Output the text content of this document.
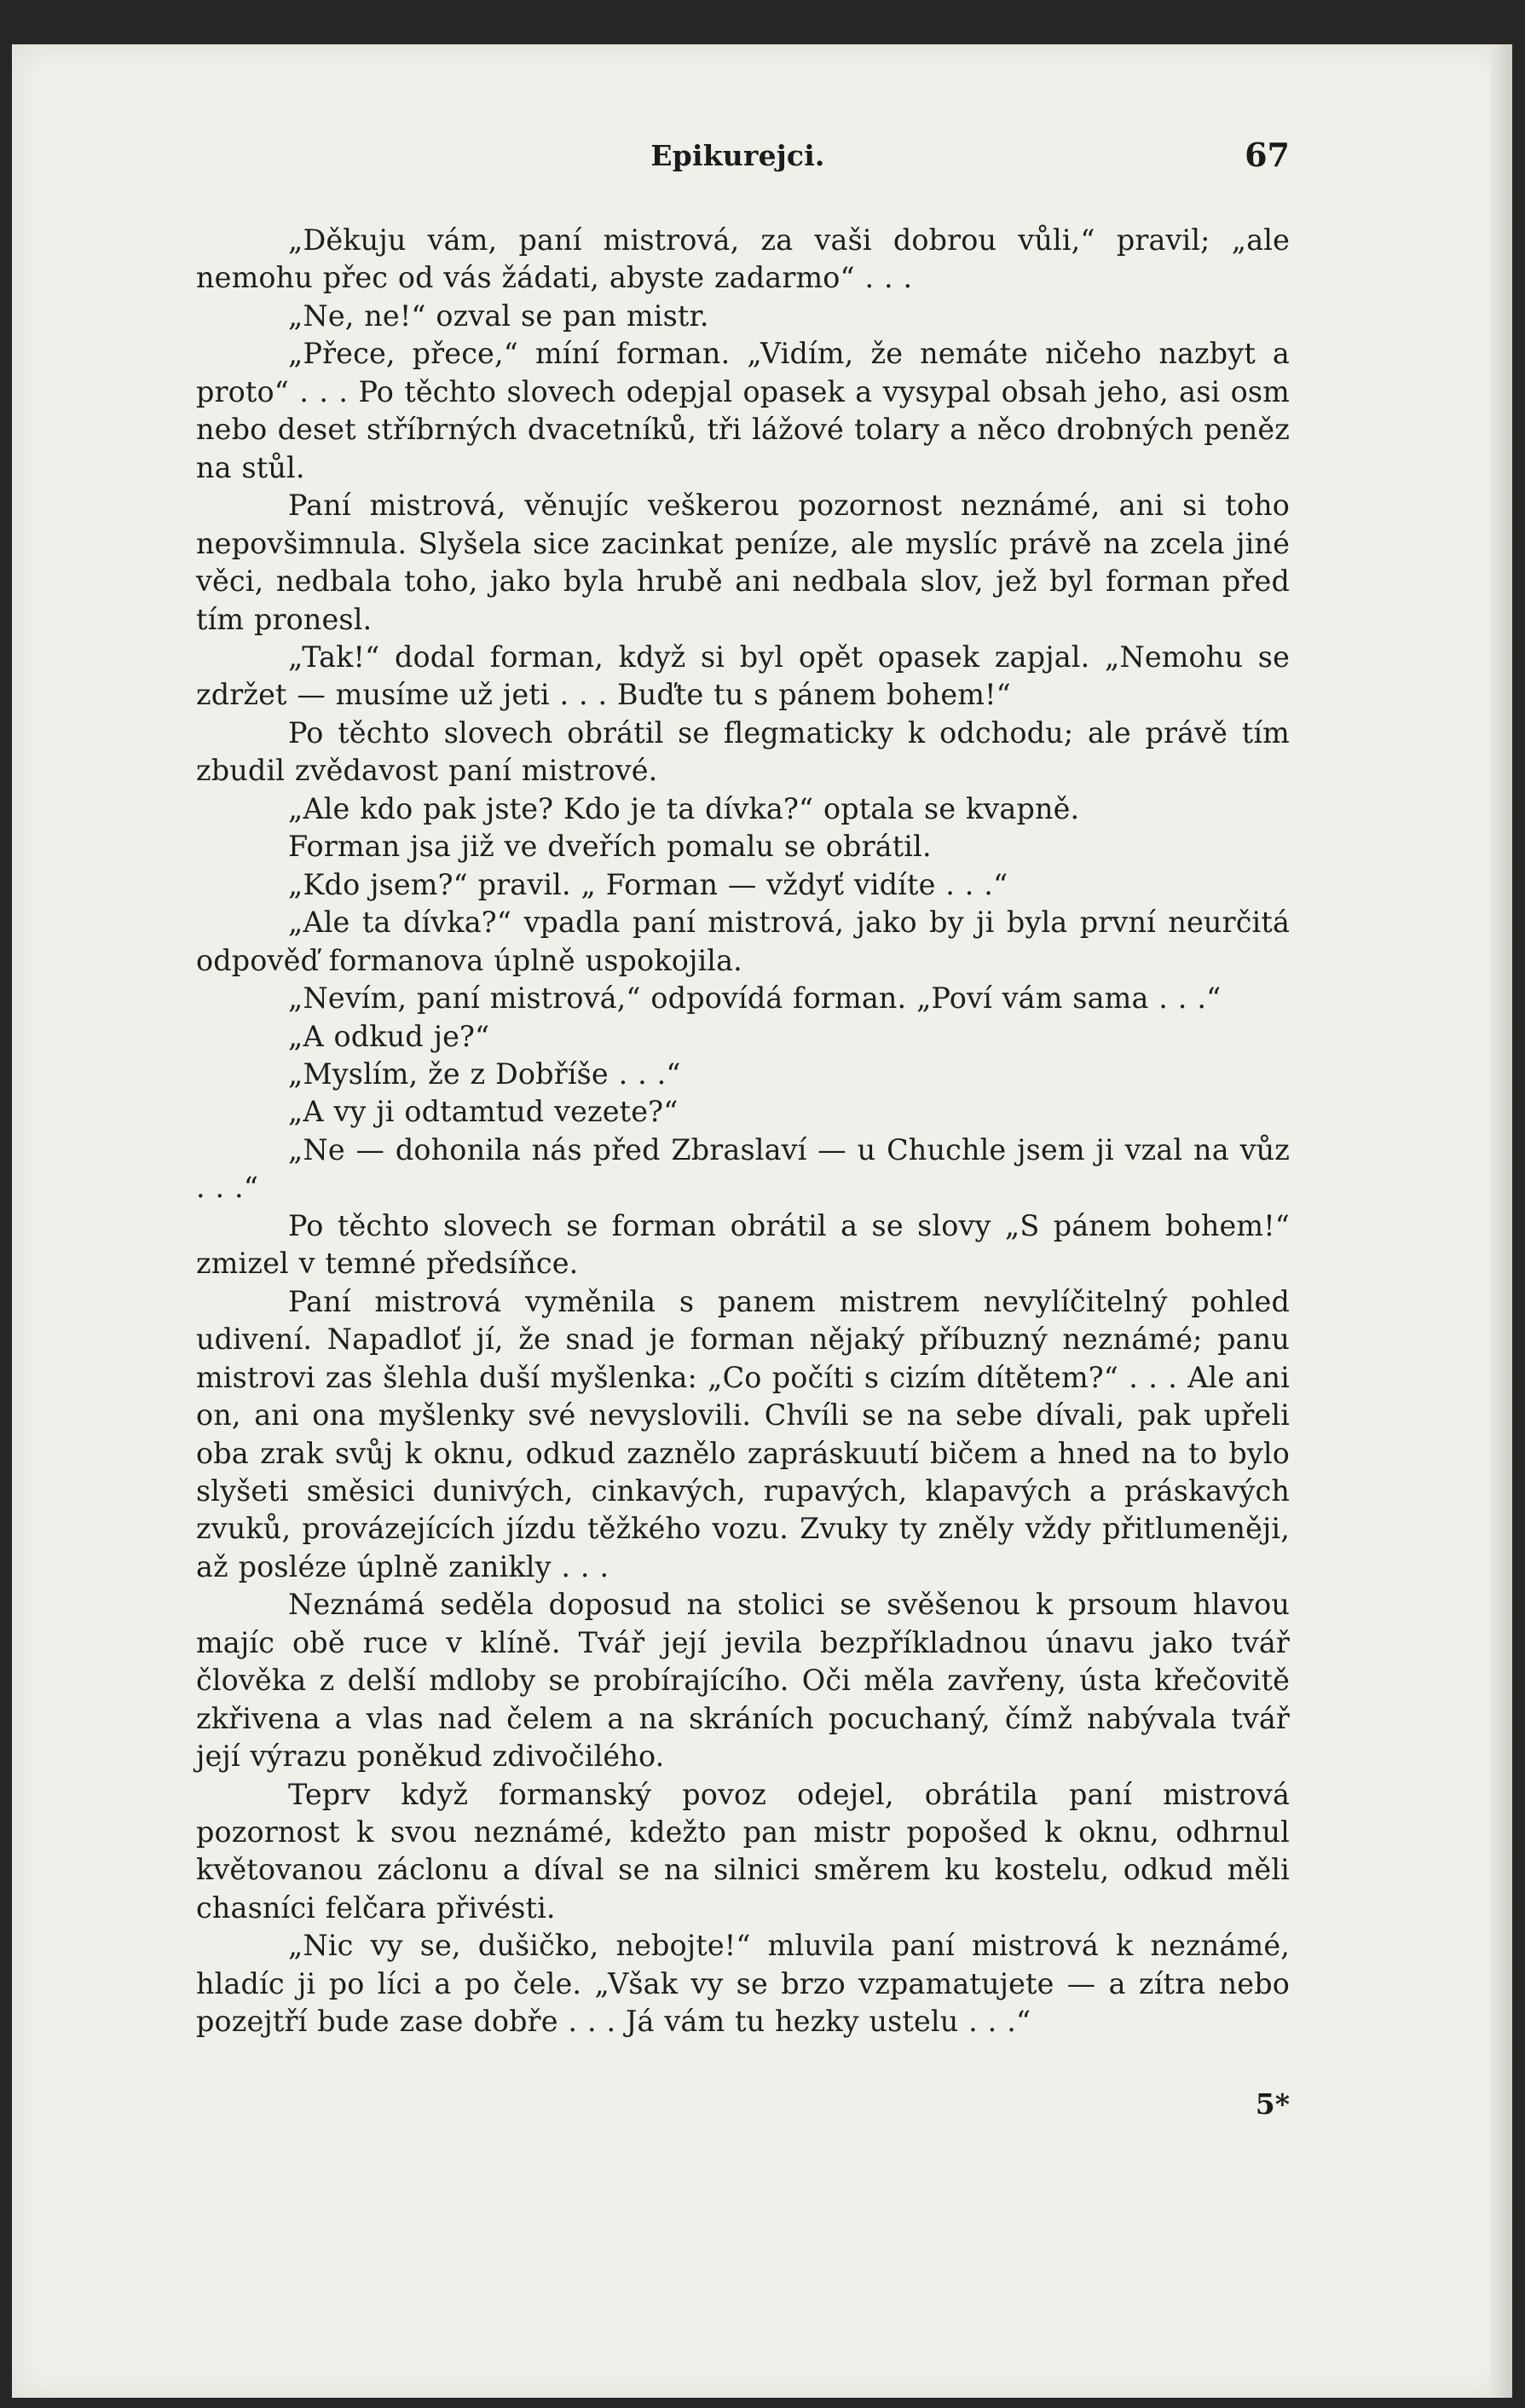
Epikurejci.	67

„Děkuju vám, paní mistrová, za vaši dobrou vůli,“ pravil; „ale nemohu přec od vás žádati, abyste zadarmo“ . . .

„Ne, ne!“ ozval se pan mistr.

„Přece, přece,“ míní forman. „Vidím, že nemáte ničeho nazbyt a proto“ . . . Po těchto slovech odepjal opasek a vysypal obsah jeho, asi osm nebo deset stříbrných dvacetníků, tři lážové tolary a něco drobných peněz na stůl.

Paní mistrová, věnujíc veškerou pozornost neznámé, ani si toho nepovšimnula. Slyšela sice zacinkat peníze, ale myslíc právě na zcela jiné věci, nedbala toho, jako byla hrubě ani nedbala slov, jež byl forman před tím pronesl.

„Tak!“ dodal forman, když si byl opět opasek zapjal. „Nemohu se zdržet — musíme už jeti . . . Buďte tu s pánem bohem!“

Po těchto slovech obrátil se flegmaticky k odchodu; ale právě tím zbudil zvědavost paní mistrové.

„Ale kdo pak jste? Kdo je ta dívka?“ optala se kvapně.

Forman jsa již ve dveřích pomalu se obrátil.

„Kdo jsem?“ pravil. „ Forman — vždyť vidíte . . .“

„Ale ta dívka?“ vpadla paní mistrová, jako by ji byla první neurčitá odpověď formanova úplně uspokojila.

„Nevím, paní mistrová,“ odpovídá forman. „Poví vám sama . . .“

„A odkud je?“

„Myslím, že z Dobříše . . .“

„A vy ji odtamtud vezete?“

„Ne — dohonila nás před Zbraslaví — u Chuchle jsem ji vzal na vůz . . .“

Po těchto slovech se forman obrátil a se slovy „S pánem bohem!“ zmizel v temné předsíňce.

Paní mistrová vyměnila s panem mistrem nevylíčitelný pohled udivení. Napadloť jí, že snad je forman nějaký příbuzný neznámé; panu mistrovi zas šlehla duší myšlenka: „Co počíti s cizím dítětem?“ . . . Ale ani on, ani ona myšlenky své nevyslovili. Chvíli se na sebe dívali, pak upřeli oba zrak svůj k oknu, odkud zaznělo zapráskuutí bičem a hned na to bylo slyšeti směsici dunivých, cinkavých, rupavých, klapavých a práskavých zvuků, provázejících jízdu těžkého vozu. Zvuky ty zněly vždy přitlumeněji, až posléze úplně zanikly . . .

Neznámá seděla doposud na stolici se svěšenou k prsoum hlavou majíc obě ruce v klíně. Tvář její jevila bezpříkladnou únavu jako tvář člověka z delší mdloby se probírajícího. Oči měla zavřeny, ústa křečovitě zkřivena a vlas nad čelem a na skráních pocuchaný, čímž nabývala tvář její výrazu poněkud zdivočilého.

Teprv když formanský povoz odejel, obrátila paní mistrová pozornost k svou neznámé, kdežto pan mistr popošed k oknu, odhrnul květovanou záclonu a díval se na silnici směrem ku kostelu, odkud měli chasníci felčara přivésti.

„Nic vy se, dušičko, nebojte!“ mluvila paní mistrová k neznámé, hladíc ji po líci a po čele. „Však vy se brzo vzpamatujete — a zítra nebo pozejtří bude zase dobře . . . Já vám tu hezky ustelu . . .“

5*
